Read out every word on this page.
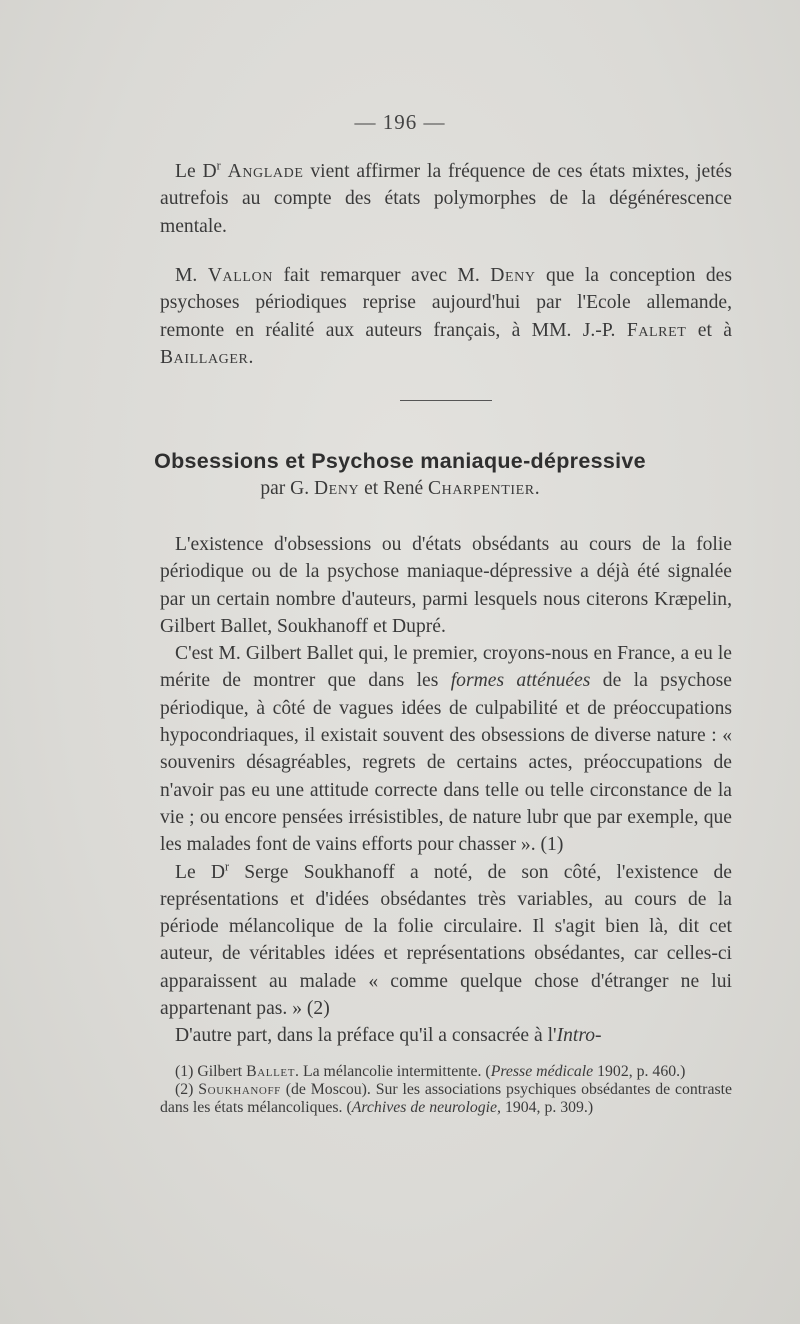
— 196 —

Le $D^r$ Anglade vient affirmer la fréquence de ces états mixtes, jetés autrefois au compte des états polymorphes de la dégénérescence mentale.

M. Vallon fait remarquer avec M. Deny que la conception des psychoses périodiques reprise aujourd'hui par l'Ecole allemande, remonte en réalité aux auteurs français, à MM. J.-P. Falret et à Baillager.

Obsessions et Psychose maniaque-dépressive
par G. Deny et René Charpentier.

L'existence d'obsessions ou d'états obsédants au cours de la folie périodique ou de la psychose maniaque-dépressive a déjà été signalée par un certain nombre d'auteurs, parmi lesquels nous citerons Kræpelin, Gilbert Ballet, Soukhanoff et Dupré.

C'est M. Gilbert Ballet qui, le premier, croyons-nous en France, a eu le mérite de montrer que dans les formes atténuées de la psychose périodique, à côté de vagues idées de culpabilité et de préoccupations hypocondriaques, il existait souvent des obsessions de diverse nature : « souvenirs désagréables, regrets de certains actes, préoccupations de n'avoir pas eu une attitude correcte dans telle ou telle circonstance de la vie ; ou encore pensées irrésistibles, de nature lubr que par exemple, que les malades font de vains efforts pour chasser ». (1)

Le $D^r$ Serge Soukhanoff a noté, de son côté, l'existence de représentations et d'idées obsédantes très variables, au cours de la période mélancolique de la folie circulaire. Il s'agit bien là, dit cet auteur, de véritables idées et représentations obsédantes, car celles-ci apparaissent au malade « comme quelque chose d'étranger ne lui appartenant pas. » (2)

D'autre part, dans la préface qu'il a consacrée à l'Intro-

(1) Gilbert Ballet. La mélancolie intermittente. (Presse médicale 1902, p. 460.)

(2) Soukhanoff (de Moscou). Sur les associations psychiques obsédantes de contraste dans les états mélancoliques. (Archives de neurologie, 1904, p. 309.)
